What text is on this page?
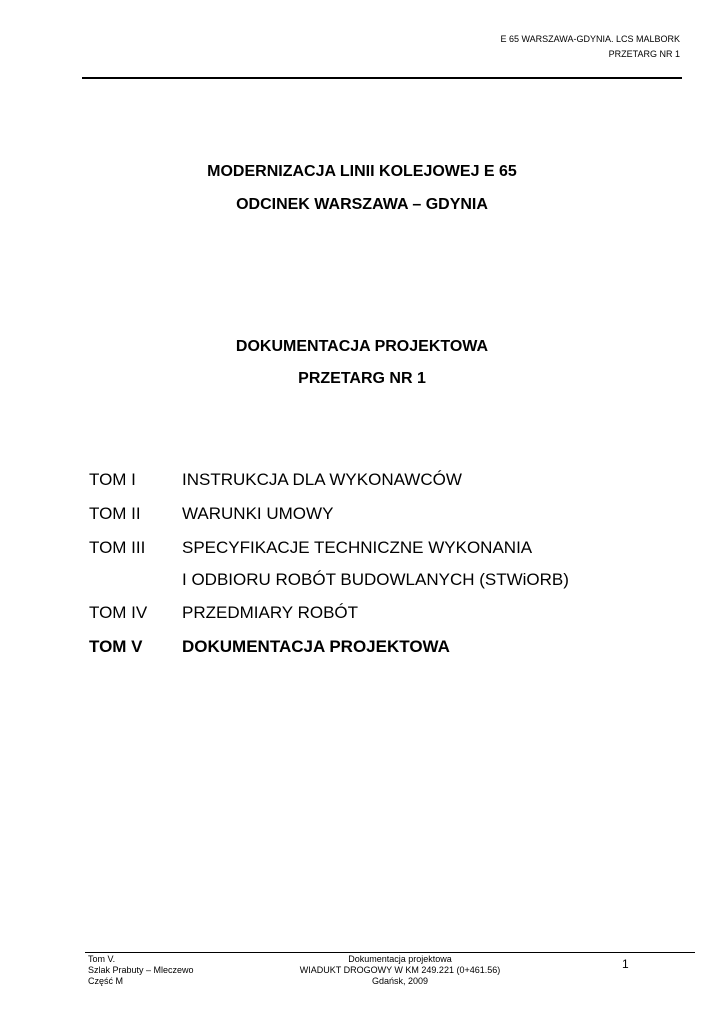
E 65 WARSZAWA-GDYNIA. LCS MALBORK
PRZETARG NR 1
MODERNIZACJA LINII KOLEJOWEJ E 65
ODCINEK WARSZAWA – GDYNIA
DOKUMENTACJA PROJEKTOWA
PRZETARG NR 1
TOM I	INSTRUKCJA DLA WYKONAWCÓW
TOM II WARUNKI UMOWY
TOM III SPECYFIKACJE TECHNICZNE WYKONANIA
I ODBIORU ROBÓT BUDOWLANYCH (STWiORB)
TOM IV PRZEDMIARY ROBÓT
TOM V DOKUMENTACJA PROJEKTOWA
Tom V.
Szlak Prabuty – Mleczewo
Część M
Dokumentacja projektowa
WIADUKT DROGOWY W KM 249.221 (0+461.56)
Gdańsk, 2009
1
